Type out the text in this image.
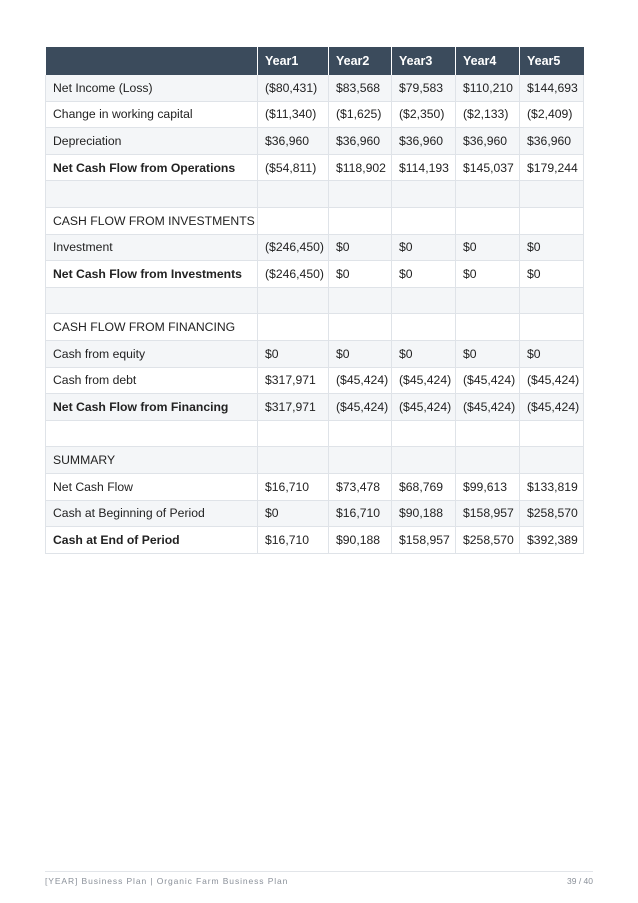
	Year1	Year2	Year3	Year4	Year5
Net Income (Loss)	($80,431)	$83,568	$79,583	$110,210	$144,693
Change in working capital	($11,340)	($1,625)	($2,350)	($2,133)	($2,409)
Depreciation	$36,960	$36,960	$36,960	$36,960	$36,960
Net Cash Flow from Operations	($54,811)	$118,902	$114,193	$145,037	$179,244

CASH FLOW FROM INVESTMENTS					
Investment	($246,450)	$0	$0	$0	$0
Net Cash Flow from Investments	($246,450)	$0	$0	$0	$0

CASH FLOW FROM FINANCING					
Cash from equity	$0	$0	$0	$0	$0
Cash from debt	$317,971	($45,424)	($45,424)	($45,424)	($45,424)
Net Cash Flow from Financing	$317,971	($45,424)	($45,424)	($45,424)	($45,424)

SUMMARY					
Net Cash Flow	$16,710	$73,478	$68,769	$99,613	$133,819
Cash at Beginning of Period	$0	$16,710	$90,188	$158,957	$258,570
Cash at End of Period	$16,710	$90,188	$158,957	$258,570	$392,389
[YEAR] Business Plan | Organic Farm Business Plan	39 / 40
